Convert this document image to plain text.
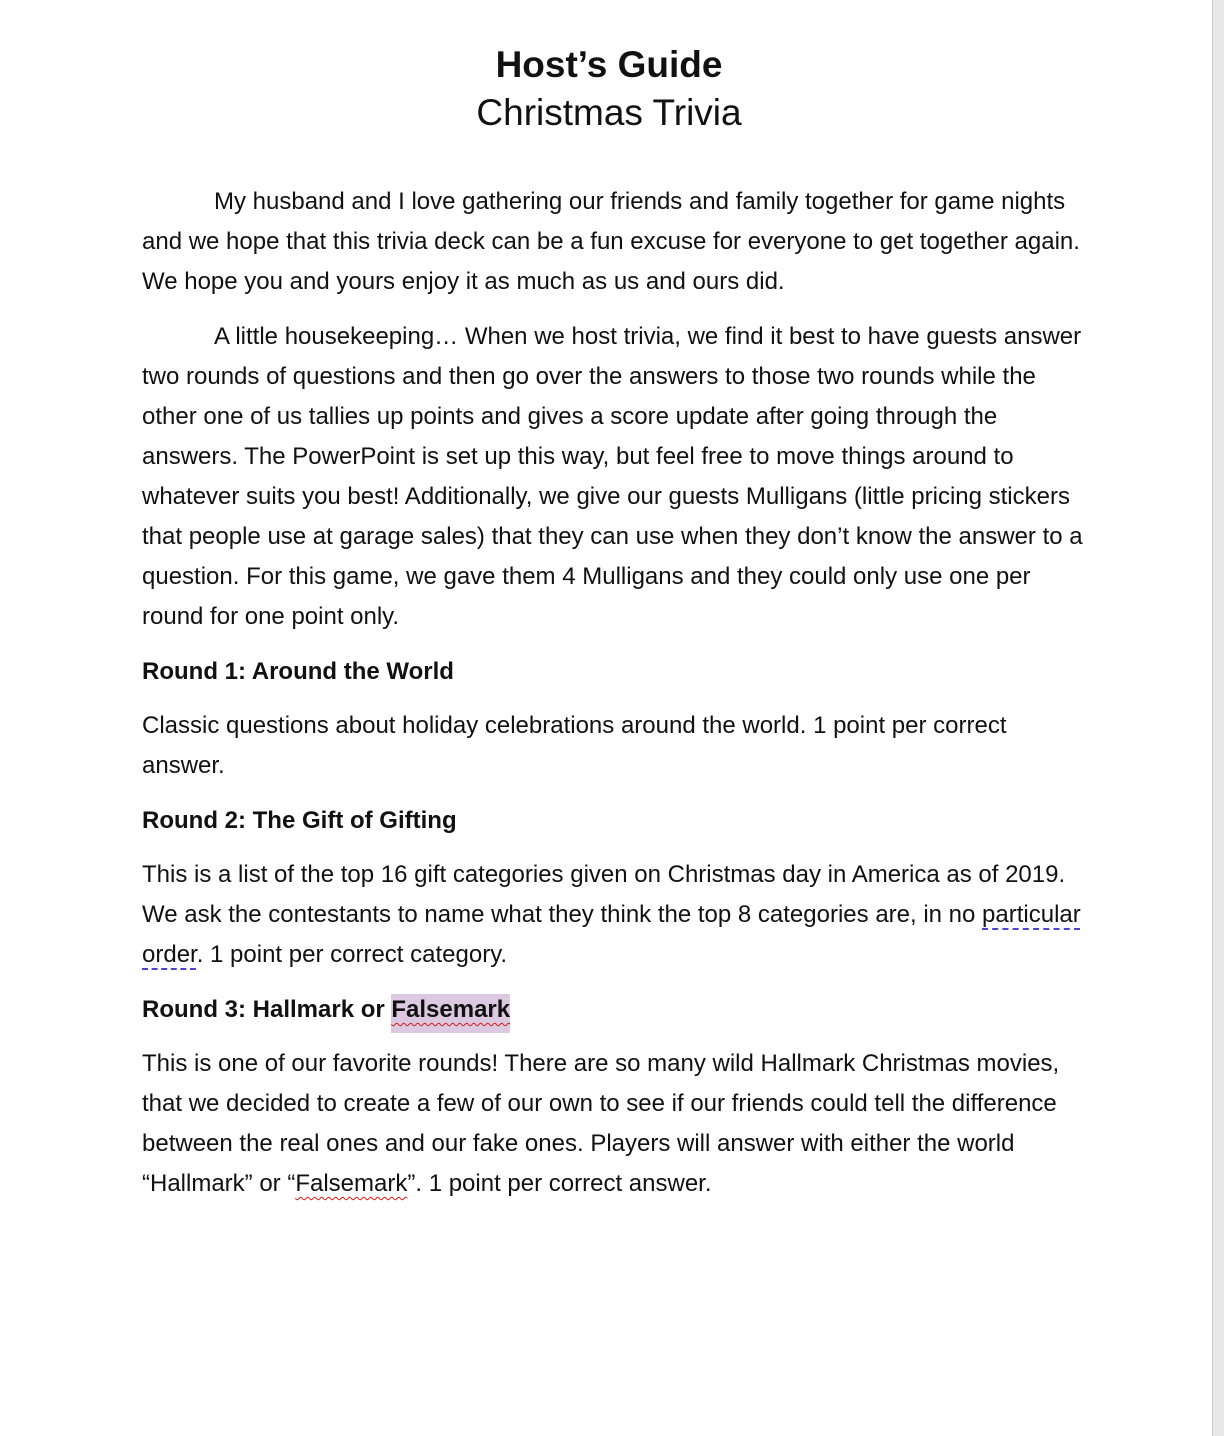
Host’s Guide
Christmas Trivia

My husband and I love gathering our friends and family together for game nights and we hope that this trivia deck can be a fun excuse for everyone to get together again. We hope you and yours enjoy it as much as us and ours did.

A little housekeeping… When we host trivia, we find it best to have guests answer two rounds of questions and then go over the answers to those two rounds while the other one of us tallies up points and gives a score update after going through the answers. The PowerPoint is set up this way, but feel free to move things around to whatever suits you best! Additionally, we give our guests Mulligans (little pricing stickers that people use at garage sales) that they can use when they don’t know the answer to a question. For this game, we gave them 4 Mulligans and they could only use one per round for one point only.

Round 1: Around the World

Classic questions about holiday celebrations around the world. 1 point per correct answer.

Round 2: The Gift of Gifting

This is a list of the top 16 gift categories given on Christmas day in America as of 2019. We ask the contestants to name what they think the top 8 categories are, in no particular order. 1 point per correct category.

Round 3: Hallmark or Falsemark

This is one of our favorite rounds! There are so many wild Hallmark Christmas movies, that we decided to create a few of our own to see if our friends could tell the difference between the real ones and our fake ones. Players will answer with either the world “Hallmark” or “Falsemark”. 1 point per correct answer.
